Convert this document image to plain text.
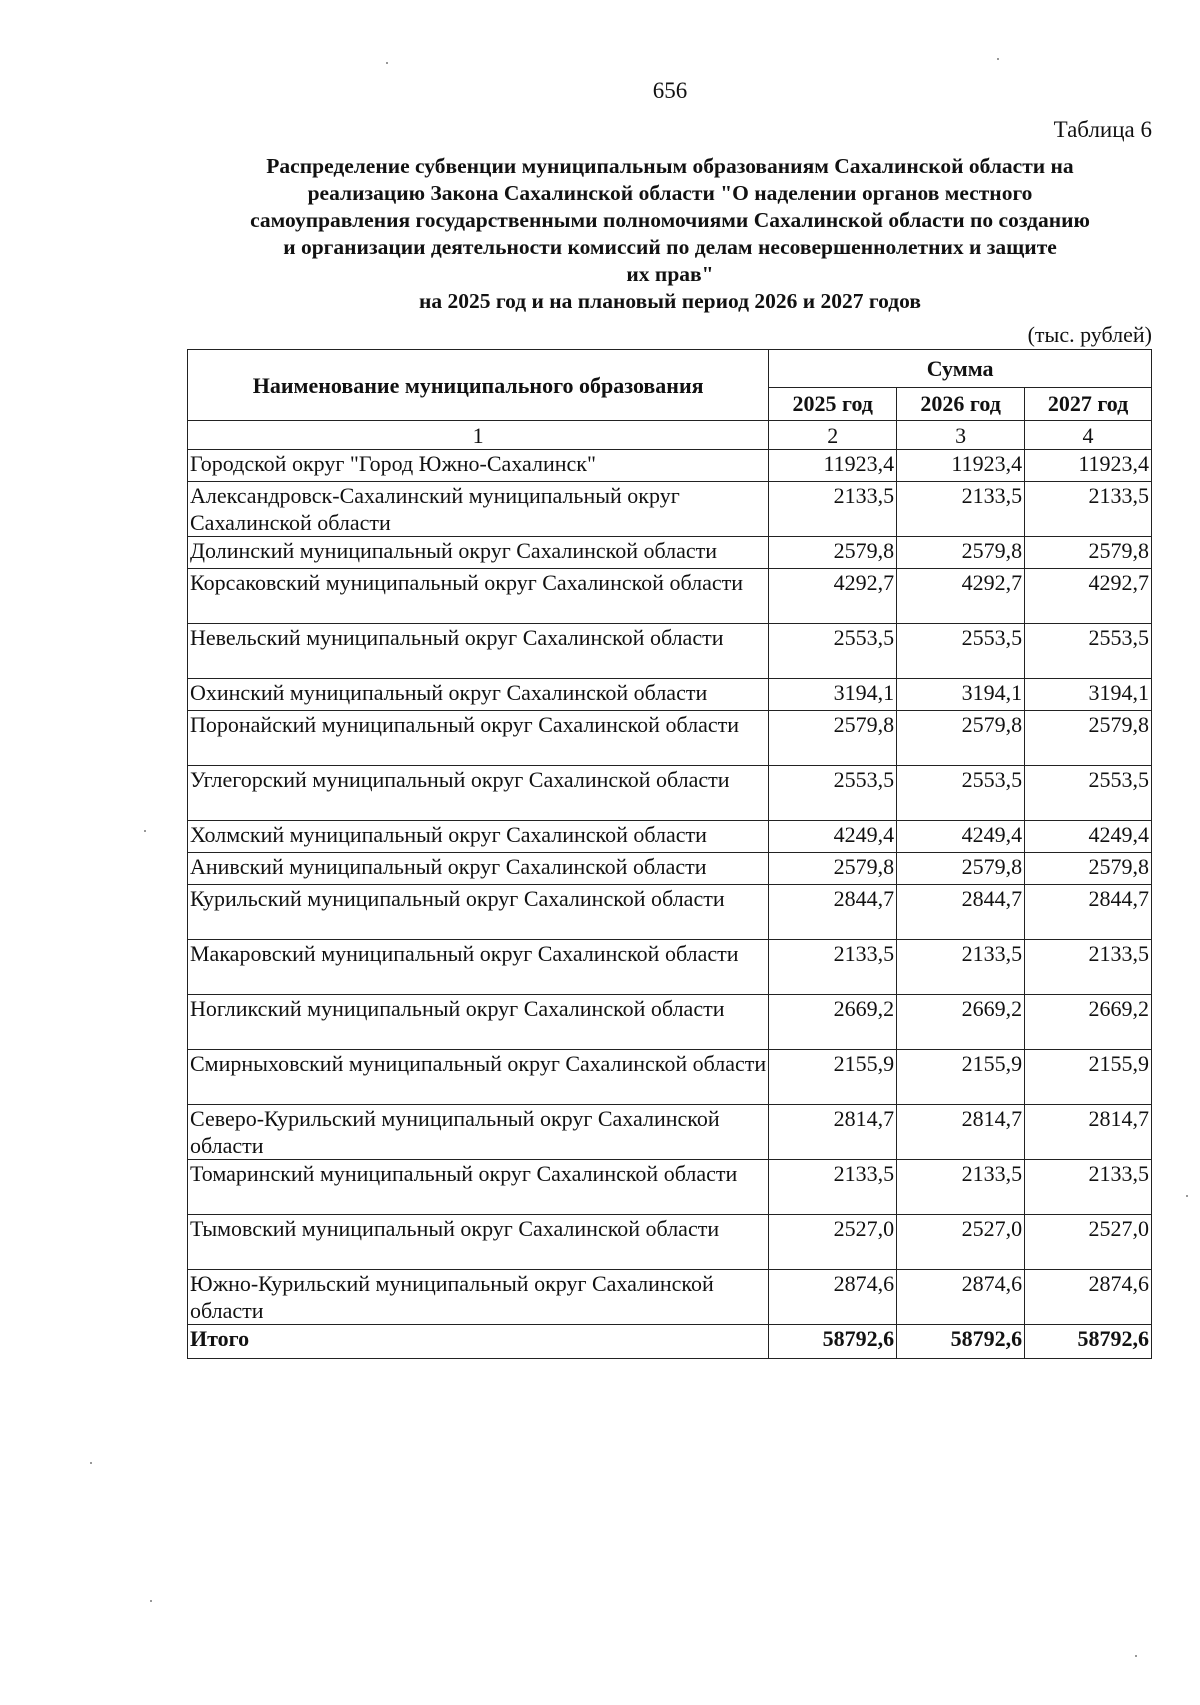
656
Таблица 6
Распределение субвенции муниципальным образованиям Сахалинской области на
реализацию Закона Сахалинской области "О наделении органов местного
самоуправления государственными полномочиями Сахалинской области по созданию
и организации деятельности комиссий по делам несовершеннолетних и защите
их прав"
на 2025 год и на плановый период 2026 и 2027 годов
(тыс. рублей)
Наименование муниципального образования	Сумма		
	2025 год	2026 год	2027 год
1	2	3	4
Городской округ "Город Южно-Сахалинск"	11923,4	11923,4	11923,4
Александровск-Сахалинский муниципальный округ Сахалинской области	2133,5	2133,5	2133,5
Долинский муниципальный округ Сахалинской области	2579,8	2579,8	2579,8
Корсаковский муниципальный округ Сахалинской области	4292,7	4292,7	4292,7
Невельский муниципальный округ Сахалинской области	2553,5	2553,5	2553,5
Охинский муниципальный округ Сахалинской области	3194,1	3194,1	3194,1
Поронайский муниципальный округ Сахалинской области	2579,8	2579,8	2579,8
Углегорский муниципальный округ Сахалинской области	2553,5	2553,5	2553,5
Холмский муниципальный округ Сахалинской области	4249,4	4249,4	4249,4
Анивский муниципальный округ Сахалинской области	2579,8	2579,8	2579,8
Курильский муниципальный округ Сахалинской области	2844,7	2844,7	2844,7
Макаровский муниципальный округ Сахалинской области	2133,5	2133,5	2133,5
Ногликский муниципальный округ Сахалинской области	2669,2	2669,2	2669,2
Смирныховский муниципальный округ Сахалинской области	2155,9	2155,9	2155,9
Северо-Курильский муниципальный округ Сахалинской области	2814,7	2814,7	2814,7
Томаринский муниципальный округ Сахалинской области	2133,5	2133,5	2133,5
Тымовский муниципальный округ Сахалинской области	2527,0	2527,0	2527,0
Южно-Курильский муниципальный округ Сахалинской области	2874,6	2874,6	2874,6
Итого	58792,6	58792,6	58792,6
